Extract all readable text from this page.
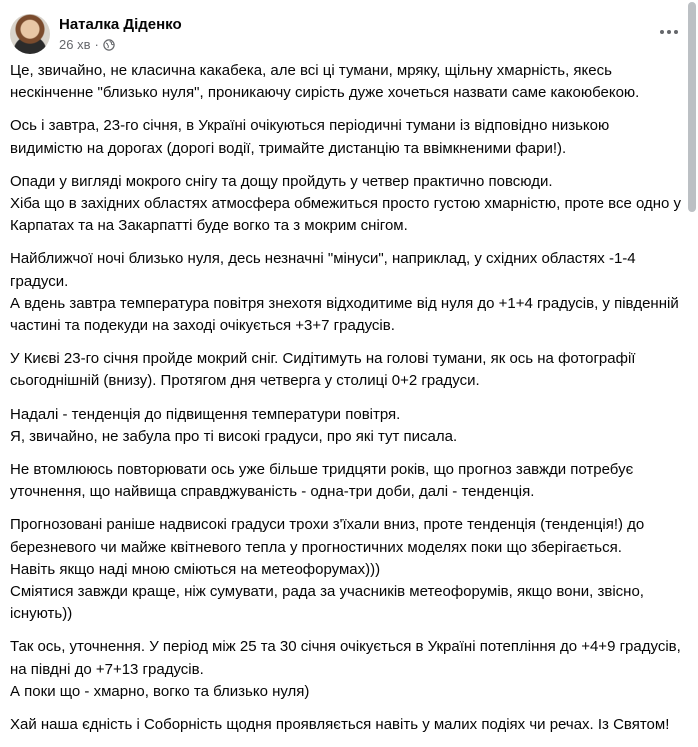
Наталка Діденко
26 хв ·

Це, звичайно, не класична какабека, але всі ці тумани, мряку, щільну хмарність, якесь
нескінченне "близько нуля", проникаючу сирість дуже хочеться назвати саме какоюбекою.

Ось і завтра, 23-го січня, в Україні очікуються періодичні тумани із відповідно низькою
видимістю на дорогах (дорогі водії, тримайте дистанцію та ввімкненими фари!).

Опади у вигляді мокрого снігу та дощу пройдуть у четвер практично повсюди.
Хіба що в західних областях атмосфера обмежиться просто густою хмарністю, проте все одно у
Карпатах та на Закарпатті буде вогко та з мокрим снігом.

Найближчої ночі близько нуля, десь незначні "мінуси", наприклад, у східних областях -1-4
градуси.
А вдень завтра температура повітря знехотя відходитиме від нуля до +1+4 градусів, у південній
частині та подекуди на заході очікується +3+7 градусів.

У Києві 23-го січня пройде мокрий сніг. Сидітимуть на голові тумани, як ось на фотографії
сьогоднішній (внизу). Протягом дня четверга у столиці 0+2 градуси.

Надалі - тенденція до підвищення температури повітря.
Я, звичайно, не забула про ті високі градуси, про які тут писала.

Не втомлююсь повторювати ось уже більше тридцяти років, що прогноз завжди потребує
уточнення, що найвища справджуваність - одна-три доби, далі - тенденція.

Прогнозовані раніше надвисокі градуси трохи з'їхали вниз, проте тенденція (тенденція!) до
березневого чи майже квітневого тепла у прогностичних моделях поки що зберігається.
Навіть якщо наді мною сміються на метеофорумах)))
Сміятися завжди краще, ніж сумувати, рада за учасників метеофорумів, якщо вони, звісно,
існують))

Так ось, уточнення. У період між 25 та 30 січня очікується в Україні потепління до +4+9 градусів,
на півдні до +7+13 градусів.
А поки що - хмарно, вогко та близько нуля)

Хай наша єдність і Соборність щодня проявляється навіть у малих подіях чи речах. Із Святом!
